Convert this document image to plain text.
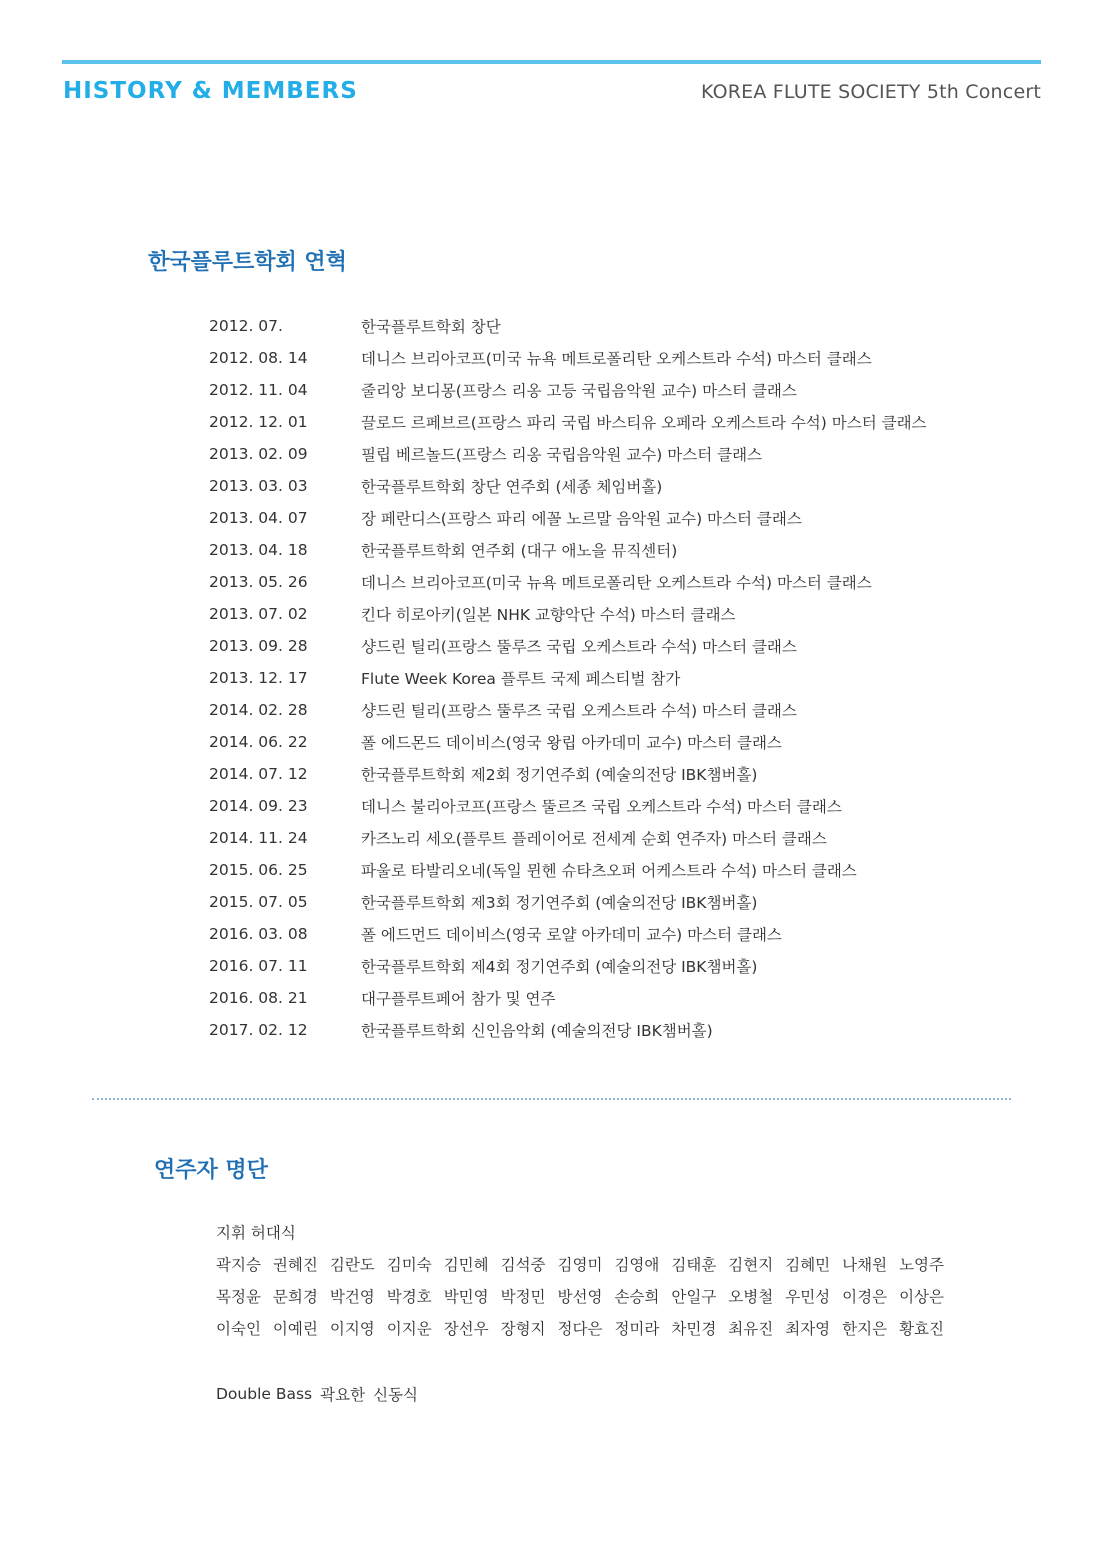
HISTORY & MEMBERS	KOREA FLUTE SOCIETY 5th Concert
한국플루트학회 연혁
2012. 07.	한국플루트학회 창단
2012. 08. 14	데니스 브리아코프(미국 뉴욕 메트로폴리탄 오케스트라 수석) 마스터 클래스
2012. 11. 04	줄리앙 보디몽(프랑스 리옹 고등 국립음악원 교수) 마스터 클래스
2012. 12. 01	끌로드 르페브르(프랑스 파리 국립 바스티유 오페라 오케스트라 수석) 마스터 클래스
2013. 02. 09	필립 베르놀드(프랑스 리옹 국립음악원 교수) 마스터 클래스
2013. 03. 03	한국플루트학회 창단 연주회 (세종 체임버홀)
2013. 04. 07	장 페란디스(프랑스 파리 에꼴 노르말 음악원 교수) 마스터 클래스
2013. 04. 18	한국플루트학회 연주회 (대구 애노을 뮤직센터)
2013. 05. 26	데니스 브리아코프(미국 뉴욕 메트로폴리탄 오케스트라 수석) 마스터 클래스
2013. 07. 02	킨다 히로아키(일본 NHK 교향악단 수석) 마스터 클래스
2013. 09. 28	샹드린 틸리(프랑스 뚤루즈 국립 오케스트라 수석) 마스터 클래스
2013. 12. 17	Flute Week Korea 플루트 국제 페스티벌 참가
2014. 02. 28	샹드린 틸리(프랑스 뚤루즈 국립 오케스트라 수석) 마스터 클래스
2014. 06. 22	폴 에드몬드 데이비스(영국 왕립 아카데미 교수) 마스터 클래스
2014. 07. 12	한국플루트학회 제2회 정기연주회 (예술의전당 IBK챔버홀)
2014. 09. 23	데니스 불리아코프(프랑스 뚤르즈 국립 오케스트라 수석) 마스터 클래스
2014. 11. 24	카즈노리 세오(플루트 플레이어로 전세계 순회 연주자) 마스터 클래스
2015. 06. 25	파울로 타발리오네(독일 뮌헨 슈타츠오퍼 어케스트라 수석) 마스터 클래스
2015. 07. 05	한국플루트학회 제3회 정기연주회 (예술의전당 IBK챔버홀)
2016. 03. 08	폴 에드먼드 데이비스(영국 로얄 아카데미 교수) 마스터 클래스
2016. 07. 11	한국플루트학회 제4회 정기연주회 (예술의전당 IBK챔버홀)
2016. 08. 21	대구플루트페어 참가 및 연주
2017. 02. 12	한국플루트학회 신인음악회 (예술의전당 IBK챔버홀)
연주자 명단
지휘 허대식
곽지승 권혜진 김란도 김미숙 김민혜 김석중 김영미 김영애 김태훈 김현지 김혜민 나채원 노영주
목정윤 문희경 박건영 박경호 박민영 박정민 방선영 손승희 안일구 오병철 우민성 이경은 이상은
이숙인 이예린 이지영 이지운 장선우 장형지 정다은 정미라 차민경 최유진 최자영 한지은 황효진
Double Bass 곽요한 신동식
